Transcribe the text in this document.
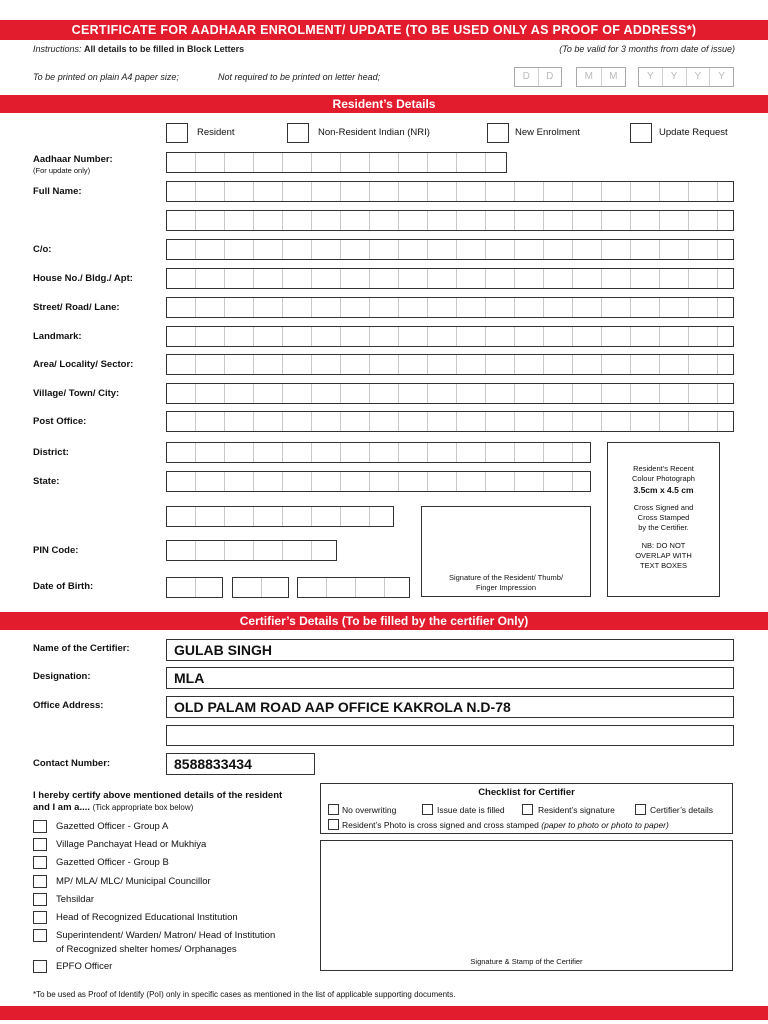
CERTIFICATE FOR AADHAAR ENROLMENT/ UPDATE (TO BE USED ONLY AS PROOF OF ADDRESS*)
Instructions: All details to be filled in Block Letters	(To be valid for 3 months from date of issue)
To be printed on plain A4 paper size;	Not required to be printed on letter head;	D	D	M	M	Y	Y	Y	Y
Resident’s Details
Resident	Non-Resident Indian (NRI)	New Enrolment	Update Request
Aadhaar Number:
(For update only)
Full Name:
C/o:
House No./ Bldg./ Apt:
Street/ Road/ Lane:
Landmark:
Area/ Locality/ Sector:
Village/ Town/ City:
Post Office:
District:
State:
PIN Code:
Date of Birth:
Signature of the Resident/ Thumb/ Finger Impression
Resident’s Recent
Colour Photograph
3.5cm x 4.5 cm
Cross Signed and
Cross Stamped
by the Certifier.
NB: DO NOT
OVERLAP WITH
TEXT BOXES
Certifier’s Details (To be filled by the certifier Only)
Name of the Certifier:	GULAB SINGH
Designation:	MLA
Office Address:	OLD PALAM ROAD AAP OFFICE KAKROLA N.D-78
Contact Number:	8588833434
I hereby certify above mentioned details of the resident
and I am a.... (Tick appropriate box below)
Gazetted Officer - Group A
Village Panchayat Head or Mukhiya
Gazetted Officer - Group B
MP/ MLA/ MLC/ Municipal Councillor
Tehsildar
Head of Recognized Educational Institution
Superintendent/ Warden/ Matron/ Head of Institution
of Recognized shelter homes/ Orphanages
EPFO Officer
Checklist for Certifier
No overwriting	Issue date is filled	Resident’s signature	Certifier’s details
Resident’s Photo is cross signed and cross stamped (paper to photo or photo to paper)
Signature & Stamp of the Certifier
*To be used as Proof of Identify (PoI) only in specific cases as mentioned in the list of applicable supporting documents.
